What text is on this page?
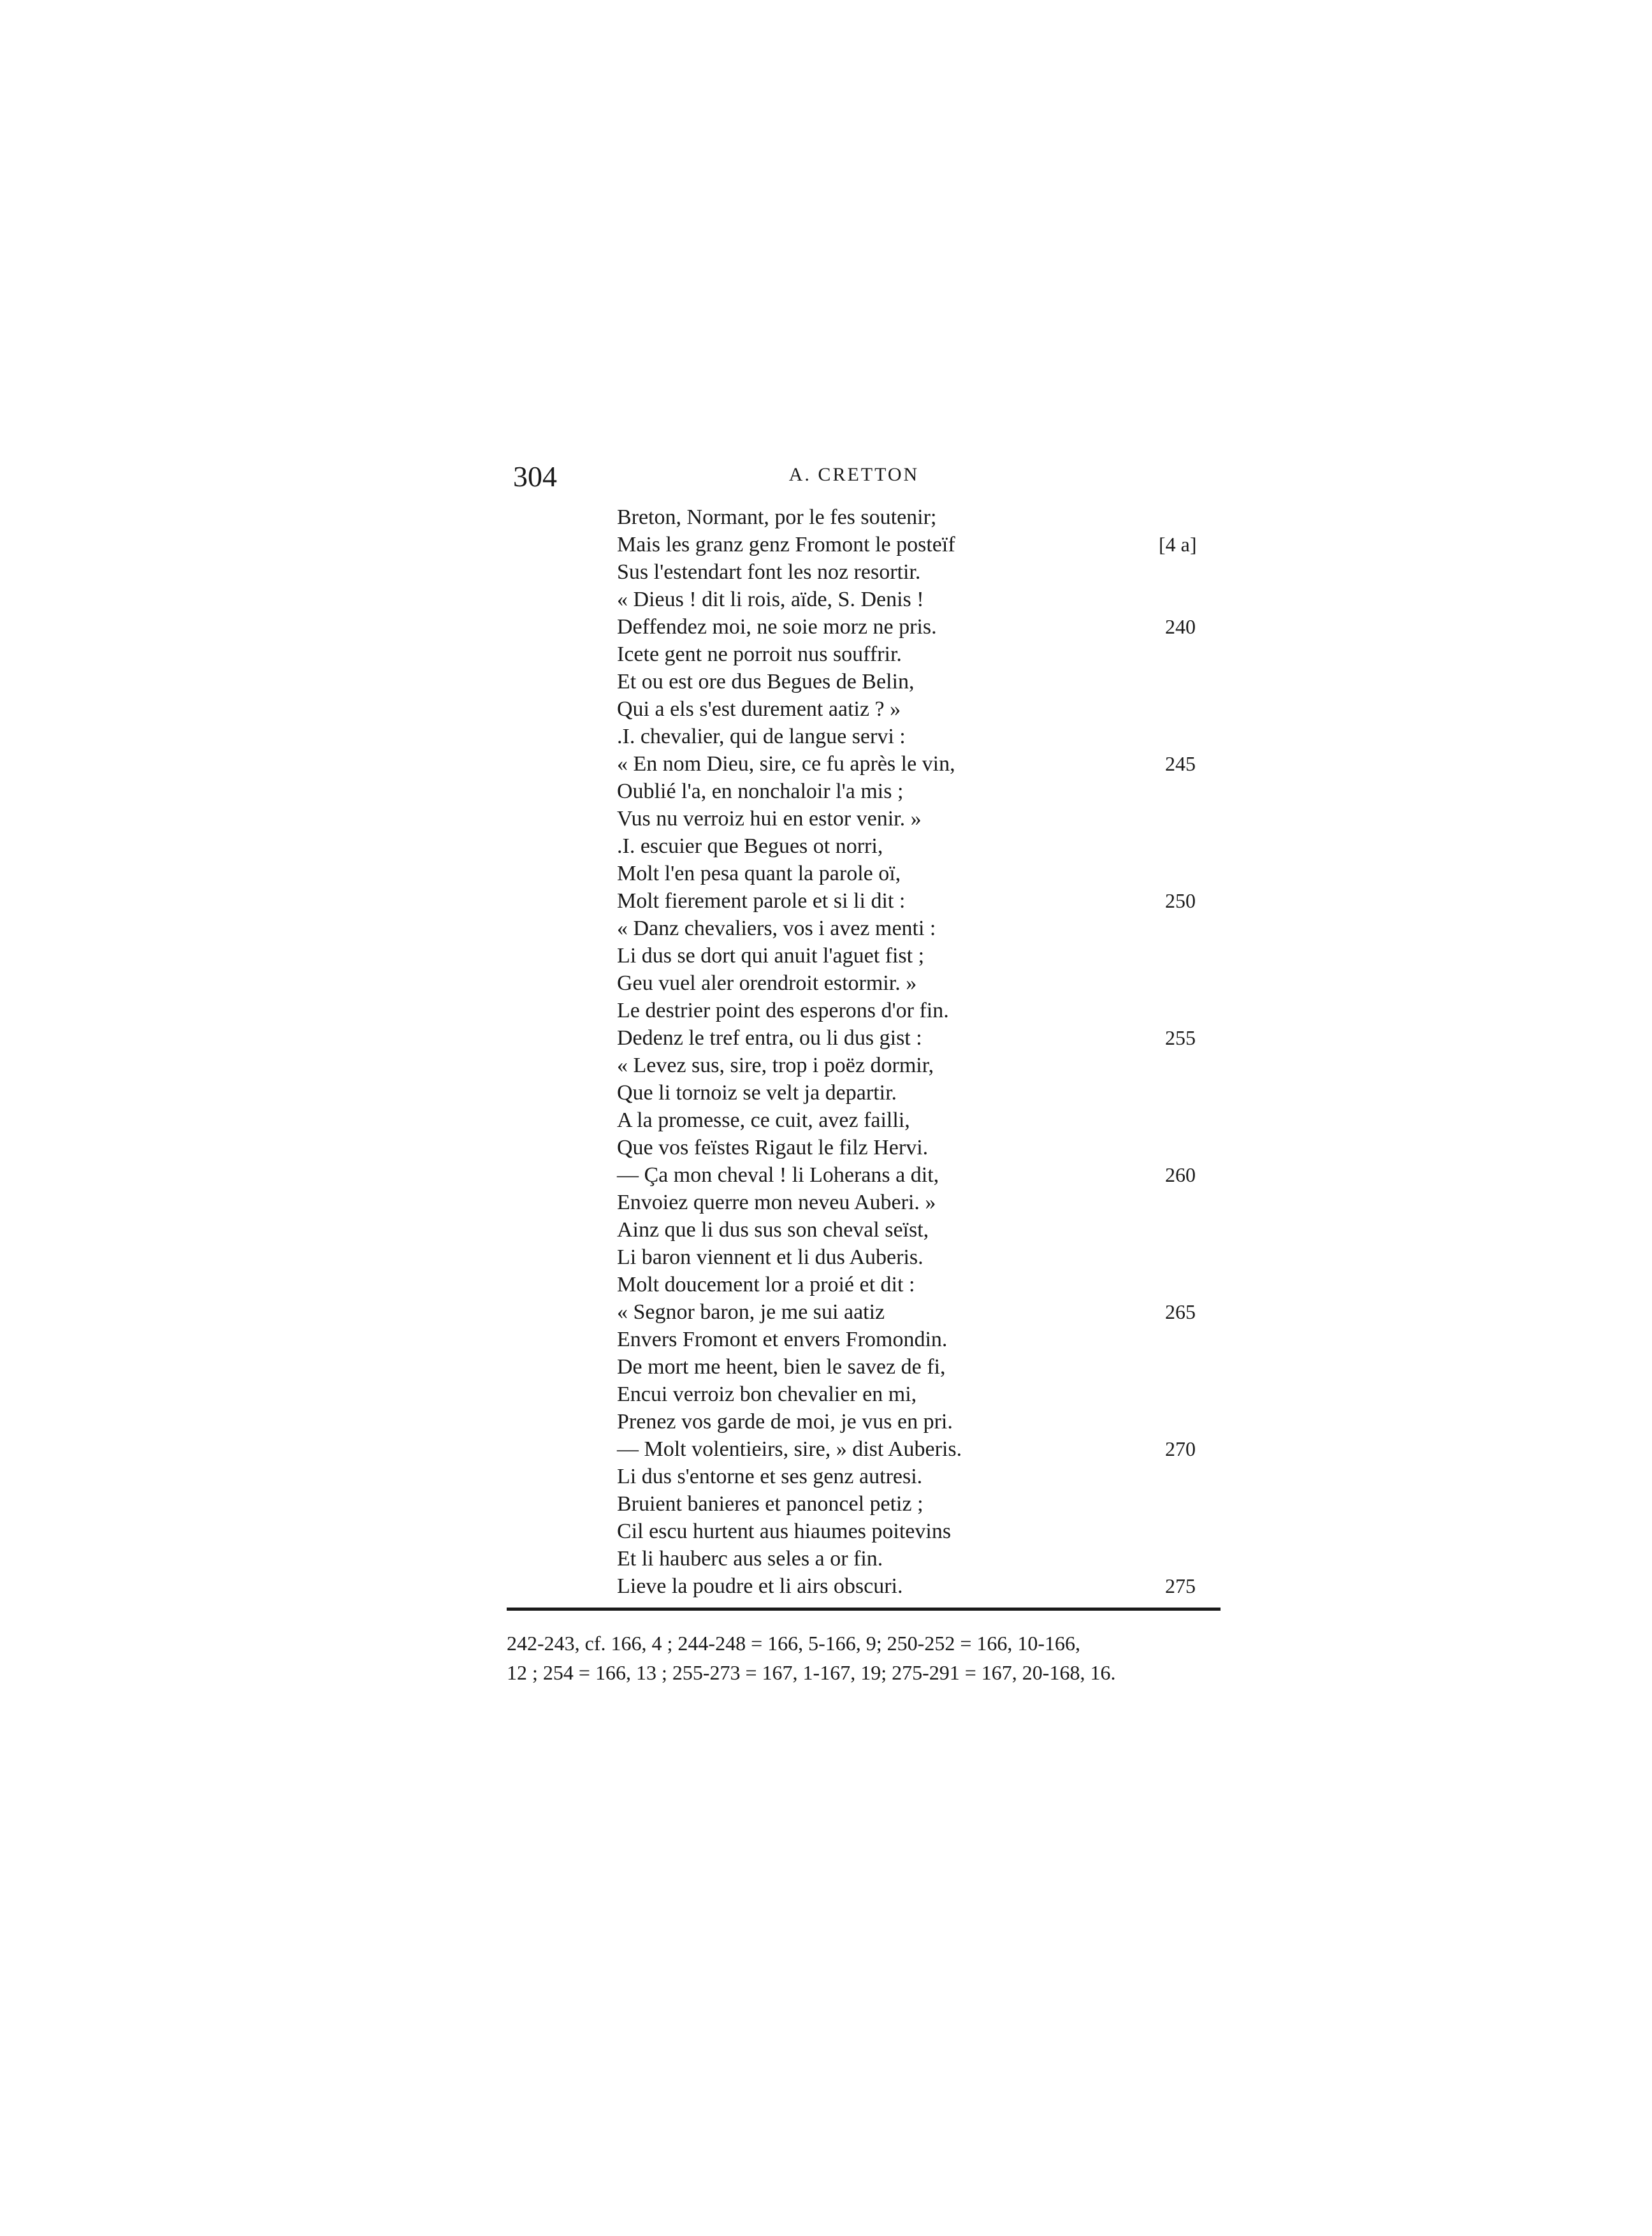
304	A. CRETTON
Breton, Normant, por le fes soutenir;
Mais les granz genz Fromont le posteïf	[4 a]
Sus l'estendart font les noz resortir.
« Dieus ! dit li rois, aïde, S. Denis !
Deffendez moi, ne soie morz ne pris.	240
Icete gent ne porroit nus souffrir.
Et ou est ore dus Begues de Belin,
Qui a els s'est durement aatiz ? »
.I. chevalier, qui de langue servi :
« En nom Dieu, sire, ce fu après le vin,	245
Oublié l'a, en nonchaloir l'a mis ;
Vus nu verroiz hui en estor venir. »
.I. escuier que Begues ot norri,
Molt l'en pesa quant la parole oï,
Molt fierement parole et si li dit :	250
« Danz chevaliers, vos i avez menti :
Li dus se dort qui anuit l'aguet fist ;
Geu vuel aler orendroit estormir. »
Le destrier point des esperons d'or fin.
Dedenz le tref entra, ou li dus gist :	255
« Levez sus, sire, trop i poëz dormir,
Que li tornoiz se velt ja departir.
A la promesse, ce cuit, avez failli,
Que vos feïstes Rigaut le filz Hervi.
— Ça mon cheval ! li Loherans a dit,	260
Envoiez querre mon neveu Auberi. »
Ainz que li dus sus son cheval seïst,
Li baron viennent et li dus Auberis.
Molt doucement lor a proié et dit :
« Segnor baron, je me sui aatiz	265
Envers Fromont et envers Fromondin.
De mort me heent, bien le savez de fi,
Encui verroiz bon chevalier en mi,
Prenez vos garde de moi, je vus en pri.
— Molt volentieirs, sire, » dist Auberis.	270
Li dus s'entorne et ses genz autresi.
Bruient banieres et panoncel petiz ;
Cil escu hurtent aus hiaumes poitevins
Et li hauberc aus seles a or fin.
Lieve la poudre et li airs obscuri.	275

242-243, cf. 166, 4 ; 244-248 = 166, 5-166, 9; 250-252 = 166, 10-166,

12 ; 254 = 166, 13 ; 255-273 = 167, 1-167, 19; 275-291 = 167, 20-168, 16.
